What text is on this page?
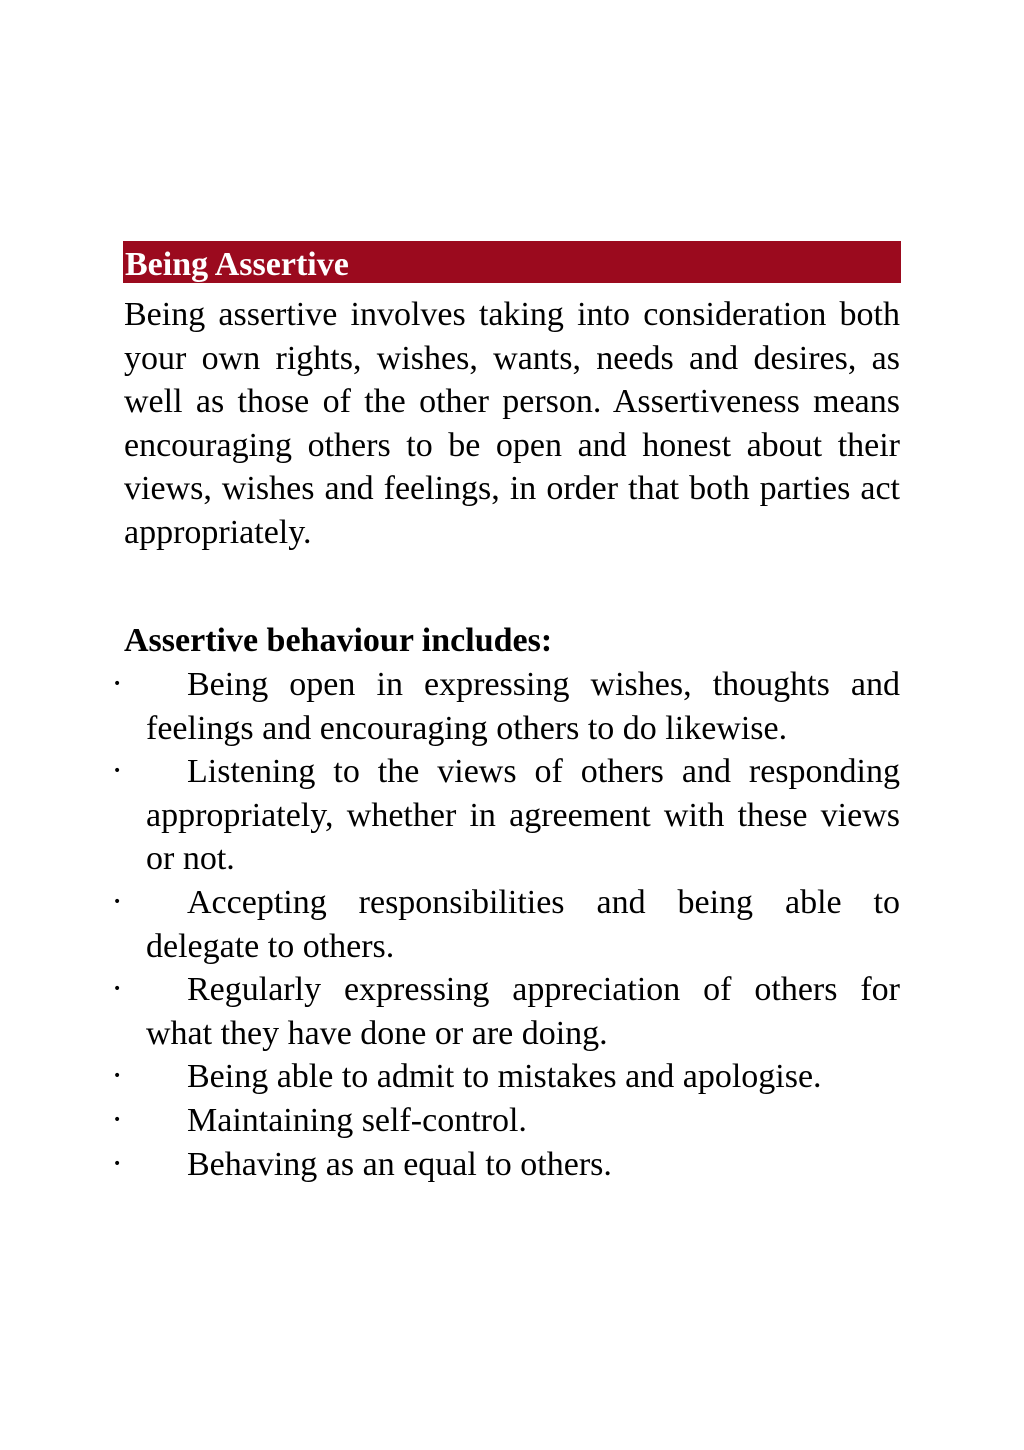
Being Assertive

Being assertive involves taking into consideration both your own rights, wishes, wants, needs and desires, as well as those of the other person. Assertiveness means encouraging others to be open and honest about their views, wishes and feelings, in order that both parties act appropriately.

Assertive behaviour includes:

•	Being open in expressing wishes, thoughts and feelings and encouraging others to do likewise.
•	Listening to the views of others and responding appropriately, whether in agreement with these views or not.
•	Accepting responsibilities and being able to delegate to others.
•	Regularly expressing appreciation of others for what they have done or are doing.
•	Being able to admit to mistakes and apologise.
•	Maintaining self-control.
•	Behaving as an equal to others.
